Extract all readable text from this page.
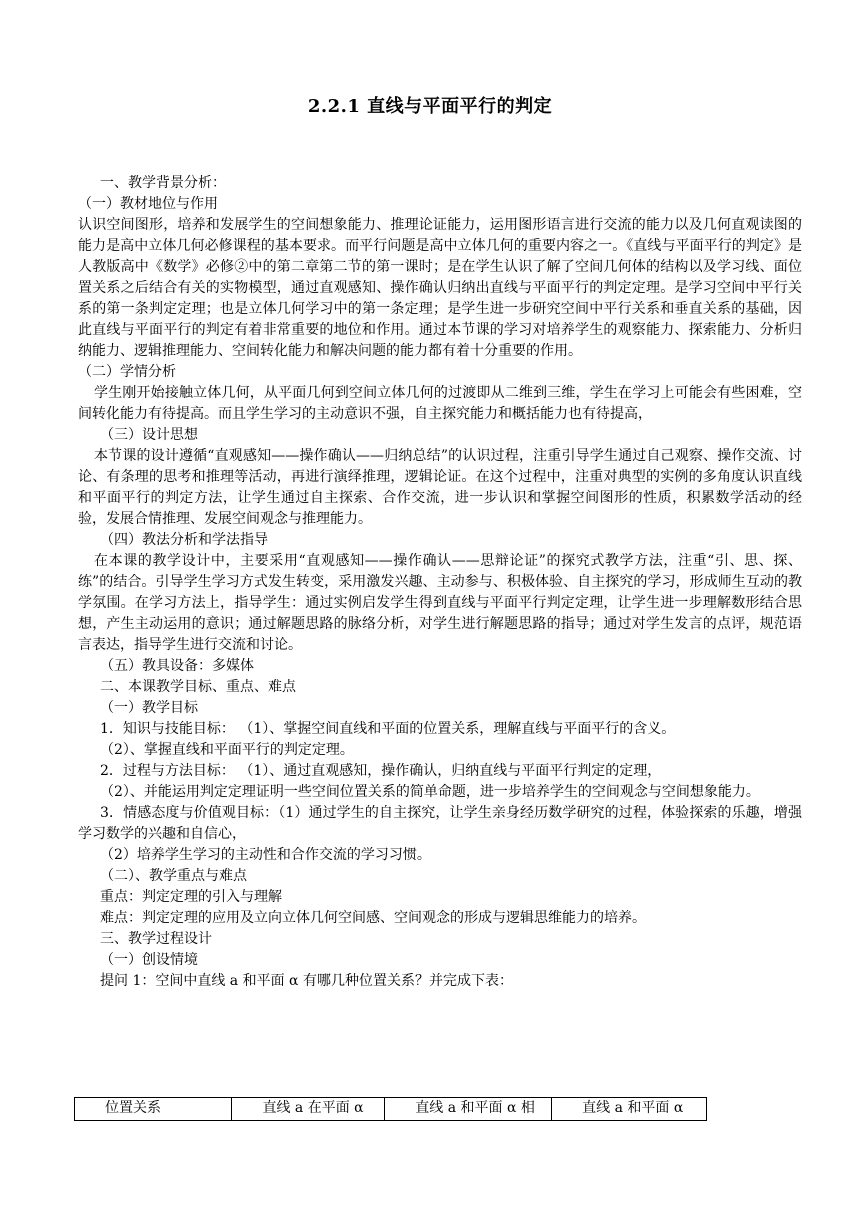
2.2.1 直线与平面平行的判定
一、教学背景分析：
（一）教材地位与作用
认识空间图形，培养和发展学生的空间想象能力、推理论证能力，运用图形语言进行交流的能力以及几何直观读图的能力是高中立体几何必修课程的基本要求。而平行问题是高中立体几何的重要内容之一。《直线与平面平行的判定》是人教版高中《数学》必修②中的第二章第二节的第一课时；是在学生认识了解了空间几何体的结构以及学习线、面位置关系之后结合有关的实物模型，通过直观感知、操作确认归纳出直线与平面平行的判定定理。是学习空间中平行关系的第一条判定定理；也是立体几何学习中的第一条定理；是学生进一步研究空间中平行关系和垂直关系的基础，因此直线与平面平行的判定有着非常重要的地位和作用。通过本节课的学习对培养学生的观察能力、探索能力、分析归纳能力、逻辑推理能力、空间转化能力和解决问题的能力都有着十分重要的作用。
（二）学情分析
学生刚开始接触立体几何，从平面几何到空间立体几何的过渡即从二维到三维，学生在学习上可能会有些困难，空间转化能力有待提高。而且学生学习的主动意识不强，自主探究能力和概括能力也有待提高，
（三）设计思想
本节课的设计遵循“直观感知——操作确认——归纳总结”的认识过程，注重引导学生通过自己观察、操作交流、讨论、有条理的思考和推理等活动，再进行演绎推理，逻辑论证。在这个过程中，注重对典型的实例的多角度认识直线和平面平行的判定方法，让学生通过自主探索、合作交流，进一步认识和掌握空间图形的性质，积累数学活动的经验，发展合情推理、发展空间观念与推理能力。
（四）教法分析和学法指导
在本课的教学设计中，主要采用“直观感知——操作确认——思辩论证”的探究式教学方法，注重“引、思、探、练”的结合。引导学生学习方式发生转变，采用激发兴趣、主动参与、积极体验、自主探究的学习，形成师生互动的教学氛围。在学习方法上，指导学生：通过实例启发学生得到直线与平面平行判定定理，让学生进一步理解数形结合思想，产生主动运用的意识；通过解题思路的脉络分析，对学生进行解题思路的指导；通过对学生发言的点评，规范语言表达，指导学生进行交流和讨论。
（五）教具设备：多媒体
二、本课教学目标、重点、难点
（一）教学目标
1．知识与技能目标： （1）、掌握空间直线和平面的位置关系，理解直线与平面平行的含义。
（2）、掌握直线和平面平行的判定定理。
2．过程与方法目标： （1）、通过直观感知，操作确认，归纳直线与平面平行判定的定理，
（2）、并能运用判定定理证明一些空间位置关系的简单命题，进一步培养学生的空间观念与空间想象能力。
3．情感态度与价值观目标：（1）通过学生的自主探究，让学生亲身经历数学研究的过程，体验探索的乐趣，增强学习数学的兴趣和自信心，
（2）培养学生学习的主动性和合作交流的学习习惯。
（二）、教学重点与难点
重点：判定定理的引入与理解
难点：判定定理的应用及立向立体几何空间感、空间观念的形成与逻辑思维能力的培养。
三、教学过程设计
（一）创设情境
提问 1：空间中直线 a 和平面 α 有哪几种位置关系？并完成下表：
位置关系	直线 a 在平面 α	直线 a 和平面 α 相	直线 a 和平面 α
